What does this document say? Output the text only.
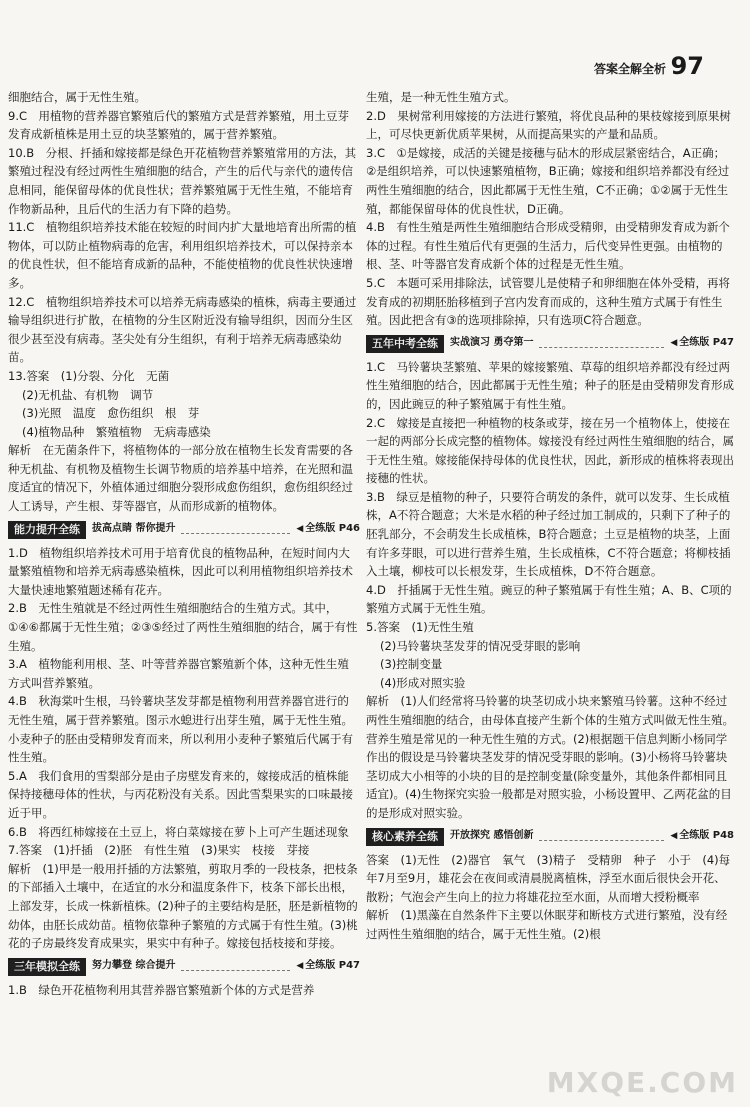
答案全解全析 97

细胞结合，属于无性生殖。

9.C　用植物的营养器官繁殖后代的繁殖方式是营养繁殖，用土豆芽发育成新植株是用土豆的块茎繁殖的，属于营养繁殖。

10.B　分根、扦插和嫁接都是绿色开花植物营养繁殖常用的方法，其繁殖过程没有经过两性生殖细胞的结合，产生的后代与亲代的遗传信息相同，能保留母体的优良性状；营养繁殖属于无性生殖，不能培育作物新品种，且后代的生活力有下降的趋势。

11.C　植物组织培养技术能在较短的时间内扩大量地培育出所需的植物体，可以防止植物病毒的危害，利用组织培养技术，可以保持亲本的优良性状，但不能培育成新的品种，不能使植物的优良性状快速增多。

12.C　植物组织培养技术可以培养无病毒感染的植株，病毒主要通过输导组织进行扩散，在植物的分生区附近没有输导组织，因而分生区很少甚至没有病毒。茎尖处有分生组织，有利于培养无病毒感染幼苗。

13.答案　(1)分裂、分化　无菌

(2)无机盐、有机物　调节

(3)光照　温度　愈伤组织　根　芽

(4)植物品种　繁殖植物　无病毒感染

解析　在无菌条件下，将植物体的一部分放在植物生长发育需要的各种无机盐、有机物及植物生长调节物质的培养基中培养，在光照和温度适宜的情况下，外植体通过细胞分裂形成愈伤组织，愈伤组织经过人工诱导，产生根、芽等器官，从而形成新的植物体。

能力提升全练	拔高点睛 帮你提升	◀ 全练版 P46

1.D　植物组织培养技术可用于培育优良的植物品种，在短时间内大量繁殖植物和培养无病毒感染植株，因此可以利用植物组织培养技术大量快速地繁殖题述稀有花卉。

2.B　无性生殖就是不经过两性生殖细胞结合的生殖方式。其中，①④⑥都属于无性生殖；②③⑤经过了两性生殖细胞的结合，属于有性生殖。

3.A　植物能利用根、茎、叶等营养器官繁殖新个体，这种无性生殖方式叫营养繁殖。

4.B　秋海棠叶生根，马铃薯块茎发芽都是植物利用营养器官进行的无性生殖，属于营养繁殖。图示水螅进行出芽生殖，属于无性生殖。小麦种子的胚由受精卵发育而来，所以利用小麦种子繁殖后代属于有性生殖。

5.A　我们食用的雪梨部分是由子房壁发育来的，嫁接成活的植株能保持接穗母体的性状，与丙花粉没有关系。因此雪梨果实的口味最接近于甲。

6.B　将西红柿嫁接在土豆上，将白菜嫁接在萝卜上可产生题述现象

7.答案　(1)扦插　(2)胚　有性生殖　(3)果实　枝接　芽接

解析　(1)甲是一般用扦插的方法繁殖，剪取月季的一段枝条，把枝条的下部插入土壤中，在适宜的水分和温度条件下，枝条下部长出根，上部发芽，长成一株新植株。(2)种子的主要结构是胚，胚是新植物的幼体，由胚长成幼苗。植物依靠种子繁殖的方式属于有性生殖。(3)桃花的子房最终发育成果实，果实中有种子。嫁接包括枝接和芽接。

三年模拟全练	努力攀登 综合提升	◀ 全练版 P47

1.B　绿色开花植物利用其营养器官繁殖新个体的方式是营养

生殖，是一种无性生殖方式。

2.D　果树常利用嫁接的方法进行繁殖，将优良品种的果枝嫁接到原果树上，可尽快更新优质苹果树，从而提高果实的产量和品质。

3.C　①是嫁接，成活的关键是接穗与砧木的形成层紧密结合，A正确；②是组织培养，可以快速繁殖植物，B正确；嫁接和组织培养都没有经过两性生殖细胞的结合，因此都属于无性生殖，C不正确；①②属于无性生殖，都能保留母体的优良性状，D正确。

4.B　有性生殖是两性生殖细胞结合形成受精卵，由受精卵发育成为新个体的过程。有性生殖后代有更强的生活力，后代变异性更强。由植物的根、茎、叶等器官发育成新个体的过程是无性生殖。

5.C　本题可采用排除法，试管婴儿是使精子和卵细胞在体外受精，再将发育成的初期胚胎移植到子宫内发育而成的，这种生殖方式属于有性生殖。因此把含有③的选项排除掉，只有选项C符合题意。

五年中考全练	实战演习 勇夺第一	◀ 全练版 P47

1.C　马铃薯块茎繁殖、苹果的嫁接繁殖、草莓的组织培养都没有经过两性生殖细胞的结合，因此都属于无性生殖；种子的胚是由受精卵发育形成的，因此豌豆的种子繁殖属于有性生殖。

2.C　嫁接是直接把一种植物的枝条或芽，接在另一个植物体上，使接在一起的两部分长成完整的植物体。嫁接没有经过两性生殖细胞的结合，属于无性生殖。嫁接能保持母体的优良性状，因此，新形成的植株将表现出接穗的性状。

3.B　绿豆是植物的种子，只要符合萌发的条件，就可以发芽、生长成植株，A不符合题意；大米是水稻的种子经过加工制成的，只剩下了种子的胚乳部分，不会萌发生长成植株，B符合题意；土豆是植物的块茎，上面有许多芽眼，可以进行营养生殖，生长成植株，C不符合题意；将柳枝插入土壤，柳枝可以长根发芽，生长成植株，D不符合题意。

4.D　扦插属于无性生殖。豌豆的种子繁殖属于有性生殖；A、B、C项的繁殖方式属于无性生殖。

5.答案　(1)无性生殖

(2)马铃薯块茎发芽的情况受芽眼的影响

(3)控制变量

(4)形成对照实验

解析　(1)人们经常将马铃薯的块茎切成小块来繁殖马铃薯。这种不经过两性生殖细胞的结合，由母体直接产生新个体的生殖方式叫做无性生殖。营养生殖是常见的一种无性生殖的方式。(2)根据题干信息判断小杨同学作出的假设是马铃薯块茎发芽的情况受芽眼的影响。(3)小杨将马铃薯块茎切成大小相等的小块的目的是控制变量(除变量外，其他条件都相同且适宜)。(4)生物探究实验一般都是对照实验，小杨设置甲、乙两花盆的目的是形成对照实验。

核心素养全练	开放探究 感悟创新	◀ 全练版 P48

答案　(1)无性　(2)器官　氧气　(3)精子　受精卵　种子　小于　(4)每年7月至9月，雄花会在夜间或清晨脱离植株，浮至水面后很快会开花、散粉；气泡会产生向上的拉力将雄花拉至水面，从而增大授粉概率

解析　(1)黑藻在自然条件下主要以休眠芽和断枝方式进行繁殖，没有经过两性生殖细胞的结合，属于无性生殖。(2)根

MXQE.COM
